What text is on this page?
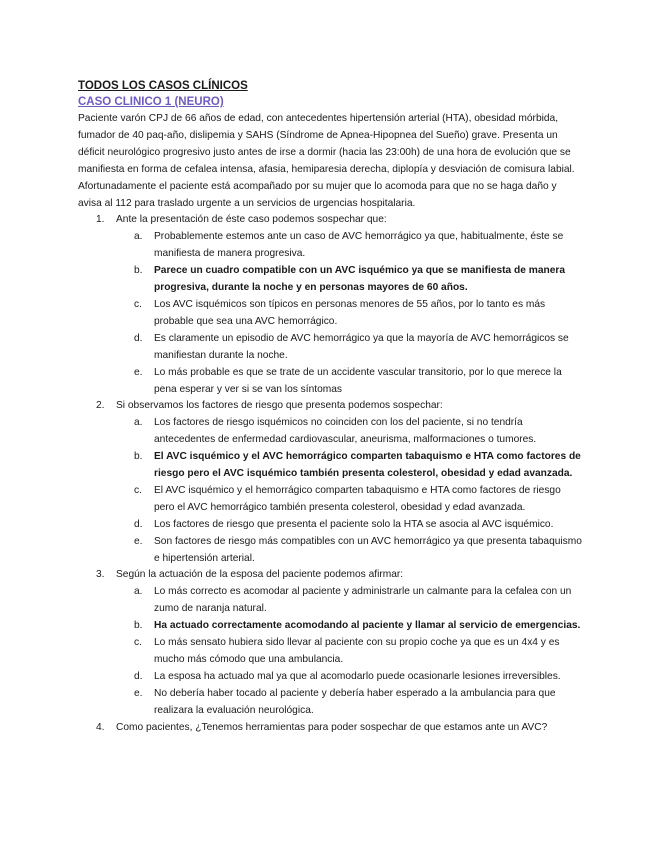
TODOS LOS CASOS CLÍNICOS
CASO CLINICO 1 (NEURO)

Paciente varón CPJ de 66 años de edad, con antecedentes hipertensión arterial (HTA), obesidad mórbida, fumador de 40 paq-año, dislipemia y SAHS (Síndrome de Apnea-Hipopnea del Sueño) grave. Presenta un déficit neurológico progresivo justo antes de irse a dormir (hacia las 23:00h) de una hora de evolución que se manifiesta en forma de cefalea intensa, afasia, hemiparesia derecha, diplopía y desviación de comisura labial. Afortunadamente el paciente está acompañado por su mujer que lo acomoda para que no se haga daño y avisa al 112 para traslado urgente a un servicios de urgencias hospitalaria.

1. Ante la presentación de éste caso podemos sospechar que:
a. Probablemente estemos ante un caso de AVC hemorrágico ya que, habitualmente, éste se manifiesta de manera progresiva.
b. Parece un cuadro compatible con un AVC isquémico ya que se manifiesta de manera progresiva, durante la noche y en personas mayores de 60 años.
c. Los AVC isquémicos son típicos en personas menores de 55 años, por lo tanto es más probable que sea una AVC hemorrágico.
d. Es claramente un episodio de AVC hemorrágico ya que la mayoría de AVC hemorrágicos se manifiestan durante la noche.
e. Lo más probable es que se trate de un accidente vascular transitorio, por lo que merece la pena esperar y ver si se van los síntomas
2. Si observamos los factores de riesgo que presenta podemos sospechar:
a. Los factores de riesgo isquémicos no coinciden con los del paciente, si no tendría antecedentes de enfermedad cardiovascular, aneurisma, malformaciones o tumores.
b. El AVC isquémico y el AVC hemorrágico comparten tabaquismo e HTA como factores de riesgo pero el AVC isquémico también presenta colesterol, obesidad y edad avanzada.
c. El AVC isquémico y el hemorrágico comparten tabaquismo e HTA como factores de riesgo pero el AVC hemorrágico también presenta colesterol, obesidad y edad avanzada.
d. Los factores de riesgo que presenta el paciente solo la HTA se asocia al AVC isquémico.
e. Son factores de riesgo más compatibles con un AVC hemorrágico ya que presenta tabaquismo e hipertensión arterial.
3. Según la actuación de la esposa del paciente podemos afirmar:
a. Lo más correcto es acomodar al paciente y administrarle un calmante para la cefalea con un zumo de naranja natural.
b. Ha actuado correctamente acomodando al paciente y llamar al servicio de emergencias.
c. Lo más sensato hubiera sido llevar al paciente con su propio coche ya que es un 4x4 y es mucho más cómodo que una ambulancia.
d. La esposa ha actuado mal ya que al acomodarlo puede ocasionarle lesiones irreversibles.
e. No debería haber tocado al paciente y debería haber esperado a la ambulancia para que realizara la evaluación neurológica.
4. Como pacientes, ¿Tenemos herramientas para poder sospechar de que estamos ante un AVC?
